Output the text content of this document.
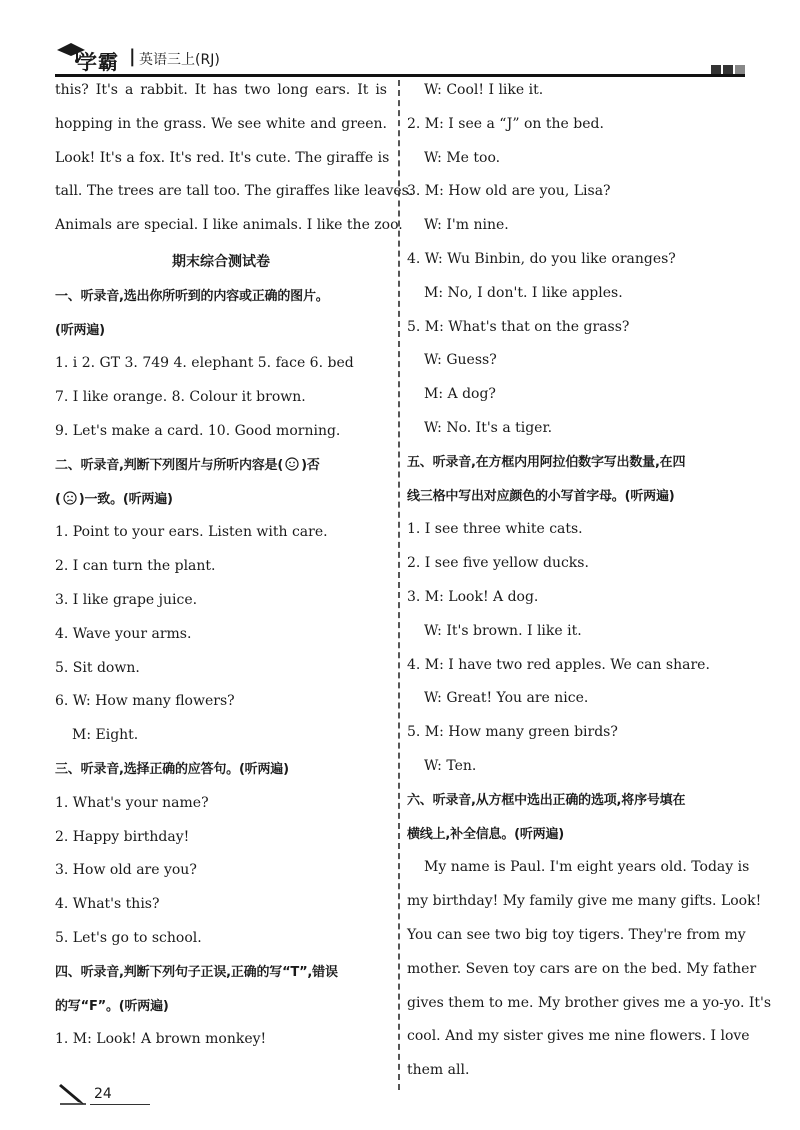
学霸 | 英语三上(RJ)
this? It's a rabbit. It has two long ears. It is
hopping in the grass. We see white and green.
Look! It's a fox. It's red. It's cute. The giraffe is
tall. The trees are tall too. The giraffes like leaves.
Animals are special. I like animals. I like the zoo.
期末综合测试卷
一、听录音,选出你所听到的内容或正确的图片。
(听两遍)
1. i 2. GT 3. 749 4. elephant 5. face 6. bed
7. I like orange. 8. Colour it brown.
9. Let's make a card. 10. Good morning.
二、听录音,判断下列图片与所听内容是( )否
( )一致。(听两遍)
1. Point to your ears. Listen with care.
2. I can turn the plant.
3. I like grape juice.
4. Wave your arms.
5. Sit down.
6. W: How many flowers?
M: Eight.
三、听录音,选择正确的应答句。(听两遍)
1. What's your name?
2. Happy birthday!
3. How old are you?
4. What's this?
5. Let's go to school.
四、听录音,判断下列句子正误,正确的写“T”,错误
的写“F”。(听两遍)
1. M: Look! A brown monkey!
W: Cool! I like it.
2. M: I see a “J” on the bed.
W: Me too.
3. M: How old are you, Lisa?
W: I'm nine.
4. W: Wu Binbin, do you like oranges?
M: No, I don't. I like apples.
5. M: What's that on the grass?
W: Guess?
M: A dog?
W: No. It's a tiger.
五、听录音,在方框内用阿拉伯数字写出数量,在四
线三格中写出对应颜色的小写首字母。(听两遍)
1. I see three white cats.
2. I see five yellow ducks.
3. M: Look! A dog.
W: It's brown. I like it.
4. M: I have two red apples. We can share.
W: Great! You are nice.
5. M: How many green birds?
W: Ten.
六、听录音,从方框中选出正确的选项,将序号填在
横线上,补全信息。(听两遍)
My name is Paul. I'm eight years old. Today is
my birthday! My family give me many gifts. Look!
You can see two big toy tigers. They're from my
mother. Seven toy cars are on the bed. My father
gives them to me. My brother gives me a yo-yo. It's
cool. And my sister gives me nine flowers. I love
them all.
24
